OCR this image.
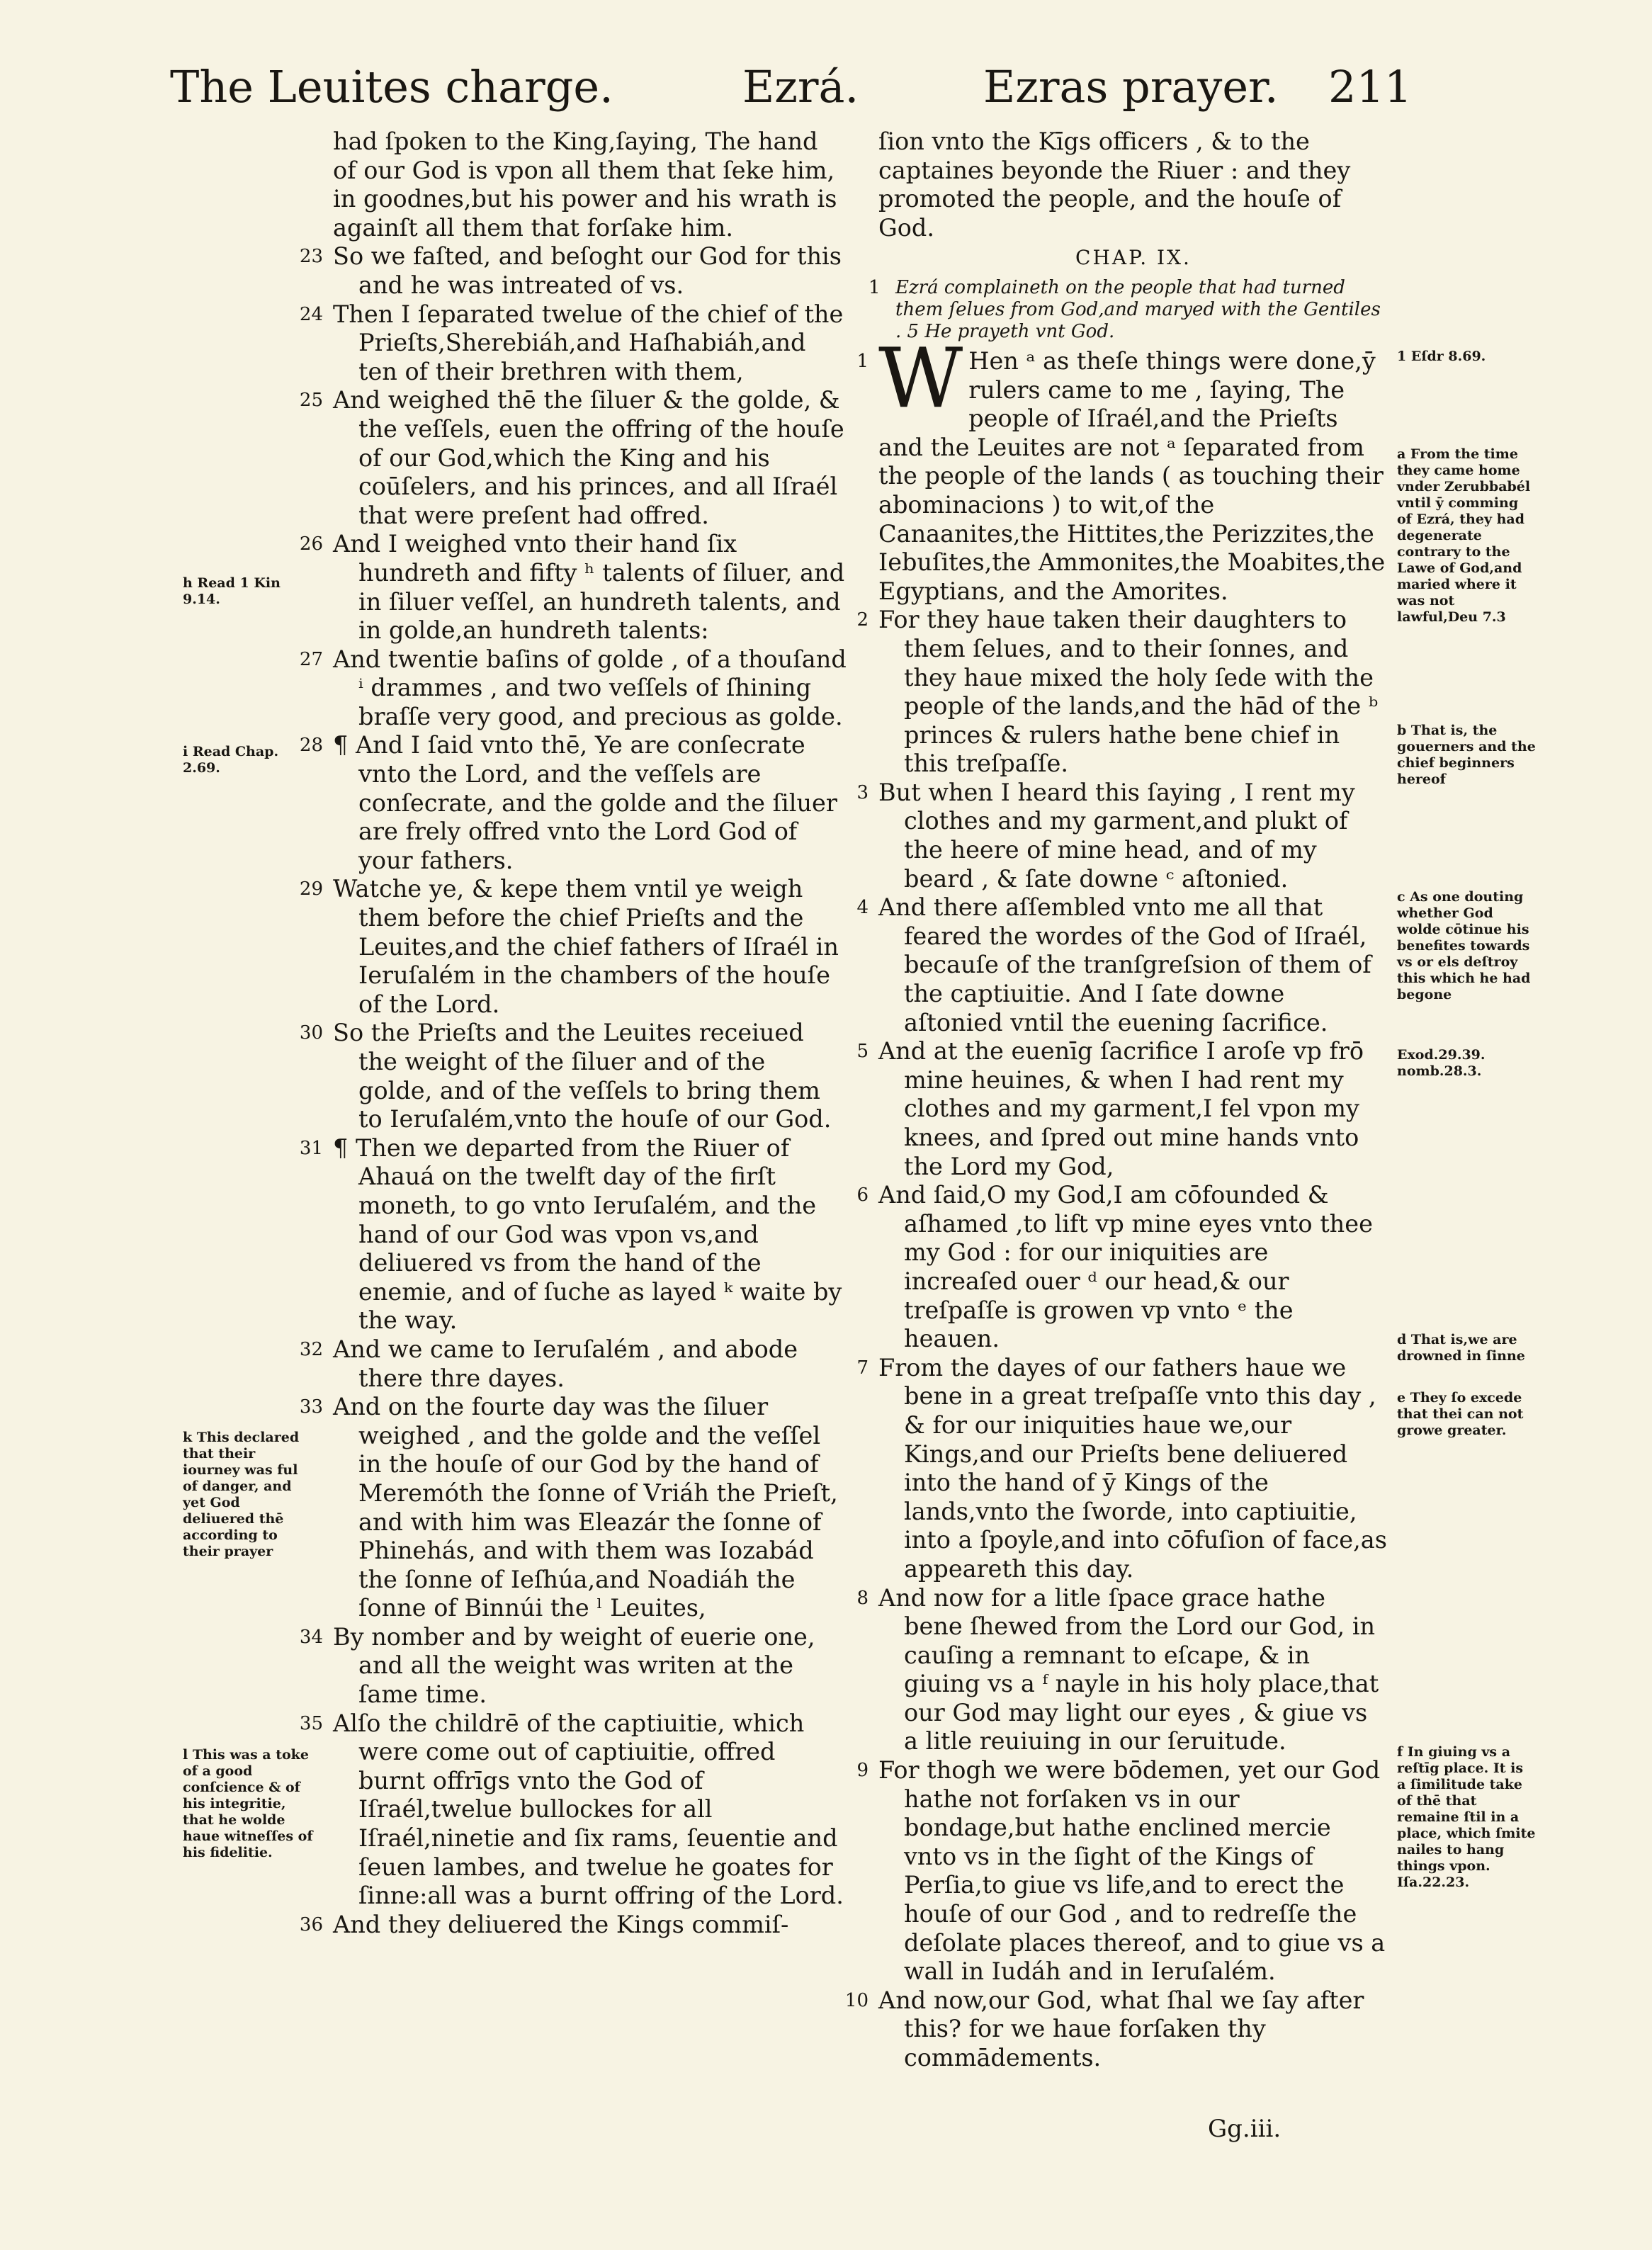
The Leuites charge.	Ezrá.	Ezras prayer. 211
had ſpoken to the King,ſaying, The hand of our God is vpon all them that ſeke him, in goodnes,but his power and his wrath is againſt all them that forſake him.
23 So we faſted, and beſoght our God for this and he was intreated of vs.
24 Then I ſeparated twelue of the chief of the Prieſts,Sherebiáh,and Haſhabiáh,and ten of their brethren with them,
25 And weighed thē the ſiluer & the golde, & the veſſels, euen the offring of the houſe of our God,which the King and his coūſelers, and his princes, and all Iſraél that were preſent had offred.
26 And I weighed vnto their hand ſix hundreth and fifty ʰ talents of ſiluer, and in ſiluer veſſel, an hundreth talents, and in golde,an hundreth talents:
27 And twentie baſins of golde , of a thouſand ⁱ drammes , and two veſſels of ſhining braſſe very good, and precious as golde.
28 ¶ And I ſaid vnto thē, Ye are conſecrate vnto the Lord, and the veſſels are conſecrate, and the golde and the ſiluer are frely offred vnto the Lord God of your fathers.
29 Watche ye, & kepe them vntil ye weigh them before the chief Prieſts and the Leuites,and the chief fathers of Iſraél in Ieruſalém in the chambers of the houſe of the Lord.
30 So the Prieſts and the Leuites receiued the weight of the ſiluer and of the golde, and of the veſſels to bring them to Ieruſalém,vnto the houſe of our God.
31 ¶ Then we departed from the Riuer of Ahauá on the twelft day of the firſt moneth, to go vnto Ieruſalém, and the hand of our God was vpon vs,and deliuered vs from the hand of the enemie, and of ſuche as layed ᵏ waite by the way.
32 And we came to Ieruſalém , and abode there thre dayes.
33 And on the fourte day was the ſiluer weighed , and the golde and the veſſel in the houſe of our God by the hand of Meremóth the ſonne of Vriáh the Prieſt, and with him was Eleazár the ſonne of Phinehás, and with them was Iozabád the ſonne of Ieſhúa,and Noadiáh the ſonne of Binnúi the ˡ Leuites,
34 By nomber and by weight of euerie one, and all the weight was writen at the ſame time.
35 Alſo the childrē of the captiuitie, which were come out of captiuitie, offred burnt offrīgs vnto the God of Iſraél,twelue bullockes for all Iſraél,ninetie and ſix rams, ſeuentie and ſeuen lambes, and twelue he goates for ſinne:all was a burnt offring of the Lord.
36 And they deliuered the Kings commiſ-
ſion vnto the Kīgs officers , & to the captaines beyonde the Riuer : and they promoted the people, and the houſe of God.
CHAP. IX.
1 Ezrá complaineth on the people that had turned them ſelues from God,and maryed with the Gentiles . 5 He prayeth vnt God.
1 W Hen ᵃ as theſe things were done,ȳ rulers came to me , ſaying, The people of Iſraél,and the Prieſts and the Leuites are not ᵃ ſeparated from the people of the lands ( as touching their abominacions ) to wit,of the Canaanites,the Hittites,the Perizzites,the Iebuſites,the Ammonites,the Moabites,the Egyptians, and the Amorites.
2 For they haue taken their daughters to them ſelues, and to their ſonnes, and they haue mixed the holy ſede with the people of the lands,and the hād of the ᵇ princes & rulers hathe bene chief in this treſpaſſe.
3 But when I heard this ſaying , I rent my clothes and my garment,and plukt of the heere of mine head, and of my beard , & ſate downe ᶜ aſtonied.
4 And there aſſembled vnto me all that feared the wordes of the God of Iſraél, becauſe of the tranſgreſsion of them of the captiuitie. And I ſate downe aſtonied vntil the euening ſacrifice.
5 And at the euenīg ſacrifice I aroſe vp frō mine heuines, & when I had rent my clothes and my garment,I fel vpon my knees, and ſpred out mine hands vnto the Lord my God,
6 And ſaid,O my God,I am cōfounded & aſhamed ,to lift vp mine eyes vnto thee my God : for our iniquities are increaſed ouer ᵈ our head,& our treſpaſſe is growen vp vnto ᵉ the heauen.
7 From the dayes of our fathers haue we bene in a great treſpaſſe vnto this day , & for our iniquities haue we,our Kings,and our Prieſts bene deliuered into the hand of ȳ Kings of the lands,vnto the ſworde, into captiuitie, into a ſpoyle,and into cōfuſion of face,as appeareth this day.
8 And now for a litle ſpace grace hathe bene ſhewed from the Lord our God, in cauſing a remnant to eſcape, & in giuing vs a ᶠ nayle in his holy place,that our God may light our eyes , & giue vs a litle reuiuing in our ſeruitude.
9 For thogh we were bōdemen, yet our God hathe not forſaken vs in our bondage,but hathe enclined mercie vnto vs in the ſight of the Kings of Perſia,to giue vs life,and to erect the houſe of our God , and to redreſſe the deſolate places thereof, and to giue vs a wall in Iudáh and in Ieruſalém.
10 And now,our God, what ſhal we ſay after this? for we haue forſaken thy commādements.
h Read 1 Kin 9.14.
i Read Chap. 2.69.
k This declared that their iourney was ful of danger, and yet God deliuered thē according to their prayer
l This was a toke of a good conſcience & of his integritie, that he wolde haue witneſſes of his fidelitie.
1 Eſdr 8.69.
a From the time they came home vnder Zerubbabél vntil ȳ comming of Ezrá, they had degenerate contrary to the Lawe of God,and maried where it was not lawful,Deu 7.3
b That is, the gouerners and the chief beginners hereof
c As one douting whether God wolde cōtinue his benefites towards vs or els deſtroy this which he had begone
Exod.29.39. nomb.28.3.
d That is,we are drowned in ſinne
e They ſo excede that thei can not growe greater.
f In giuing vs a reſtīg place. It is a ſimilitude take of thē that remaine ſtil in a place, which ſmite nailes to hang things vpon. Iſa.22.23.
Gg.iii.
